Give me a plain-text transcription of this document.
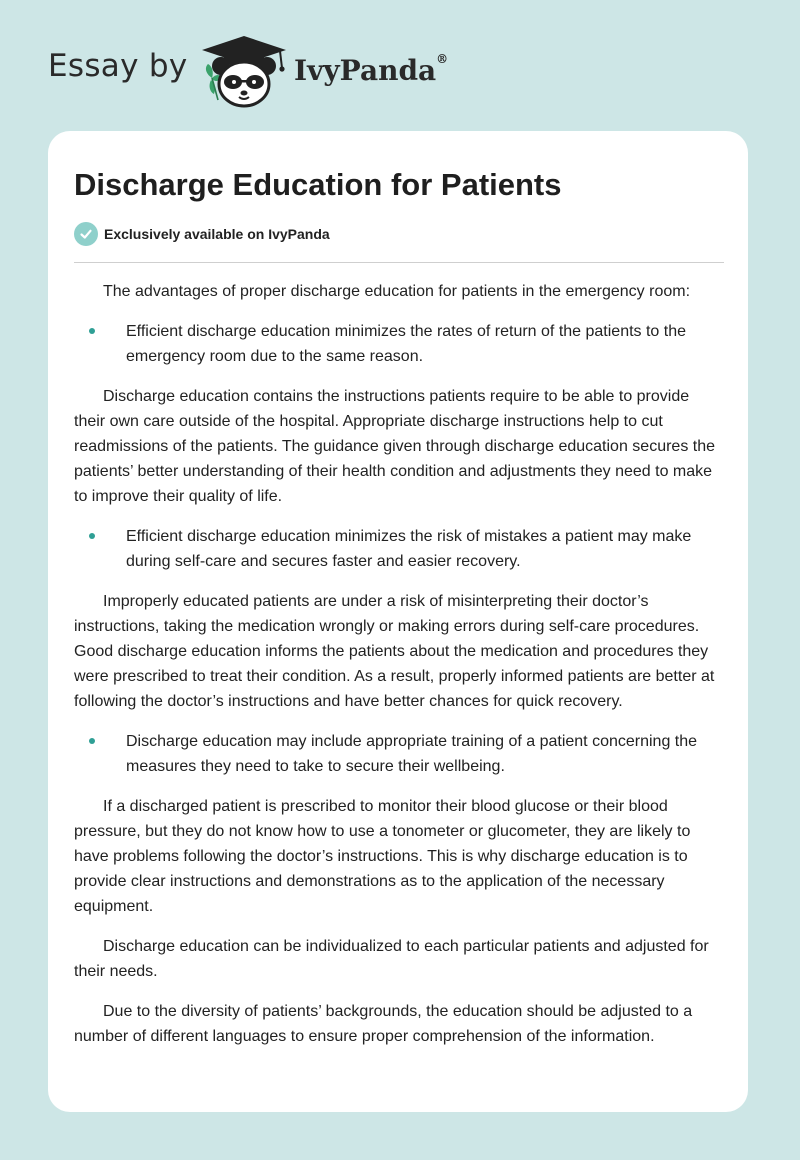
Essay by	IvyPanda®
Discharge Education for Patients
Exclusively available on IvyPanda

The advantages of proper discharge education for patients in the emergency room:

Efficient discharge education minimizes the rates of return of the patients to the emergency room due to the same reason.

Discharge education contains the instructions patients require to be able to provide their own care outside of the hospital. Appropriate discharge instructions help to cut readmissions of the patients. The guidance given through discharge education secures the patients’ better understanding of their health condition and adjustments they need to make to improve their quality of life.

Efficient discharge education minimizes the risk of mistakes a patient may make during self-care and secures faster and easier recovery.

Improperly educated patients are under a risk of misinterpreting their doctor’s instructions, taking the medication wrongly or making errors during self-care procedures. Good discharge education informs the patients about the medication and procedures they were prescribed to treat their condition. As a result, properly informed patients are better at following the doctor’s instructions and have better chances for quick recovery.

Discharge education may include appropriate training of a patient concerning the measures they need to take to secure their wellbeing.

If a discharged patient is prescribed to monitor their blood glucose or their blood pressure, but they do not know how to use a tonometer or glucometer, they are likely to have problems following the doctor’s instructions. This is why discharge education is to provide clear instructions and demonstrations as to the application of the necessary equipment.

Discharge education can be individualized to each particular patients and adjusted for their needs.

Due to the diversity of patients’ backgrounds, the education should be adjusted to a number of different languages to ensure proper comprehension of the information.
